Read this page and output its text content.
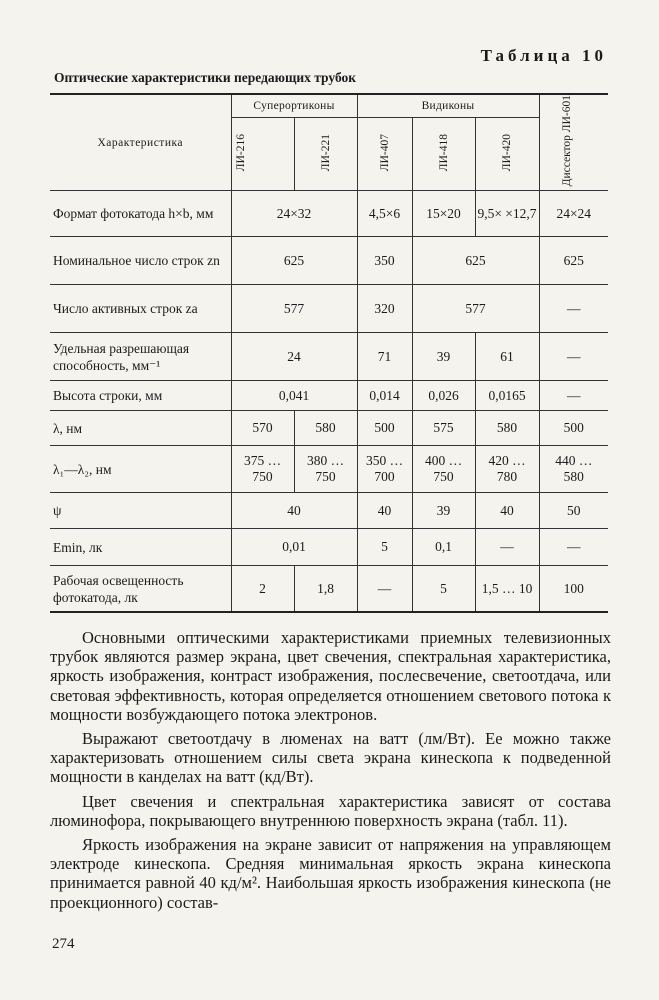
Таблица 10
Оптические характеристики передающих трубок
Характеристика	Суперортиконы		Видиконы			Диссектор ЛИ-601
	ЛИ-216	ЛИ-221	ЛИ-407	ЛИ-418	ЛИ-420	
Формат фотокатода h×b, мм	24×32		4,5×6	15×20	9,5× ×12,7	24×24
Номинальное число строк zn	625		350	625		625
Число активных строк za	577		320	577		—
Удельная разрешающая способность, мм⁻¹	24		71	39	61	—
Высота строки, мм	0,041		0,014	0,026	0,0165	—
λ, нм	570	580	500	575	580	500
λ₁—λ₂, нм	375 … 750	380 … 750	350 … 700	400 … 750	420 … 780	440 … 580
ψ	40		40	39	40	50
Emin, лк	0,01		5	0,1	—	—
Рабочая освещенность фотокатода, лк	2	1,8	—	5	1,5 … 10	100

Основными оптическими характеристиками приемных телевизионных трубок являются размер экрана, цвет свечения, спектральная характеристика, яркость изображения, контраст изображения, послесвечение, светоотдача, или световая эффективность, которая определяется отношением светового потока к мощности возбуждающего потока электронов.

Выражают светоотдачу в люменах на ватт (лм/Вт). Ее можно также характеризовать отношением силы света экрана кинескопа к подведенной мощности в канделах на ватт (кд/Вт).

Цвет свечения и спектральная характеристика зависят от состава люминофора, покрывающего внутреннюю поверхность экрана (табл. 11).

Яркость изображения на экране зависит от напряжения на управляющем электроде кинескопа. Средняя минимальная яркость экрана кинескопа принимается равной 40 кд/м². Наибольшая яркость изображения кинескопа (не проекционного) состав-

274
